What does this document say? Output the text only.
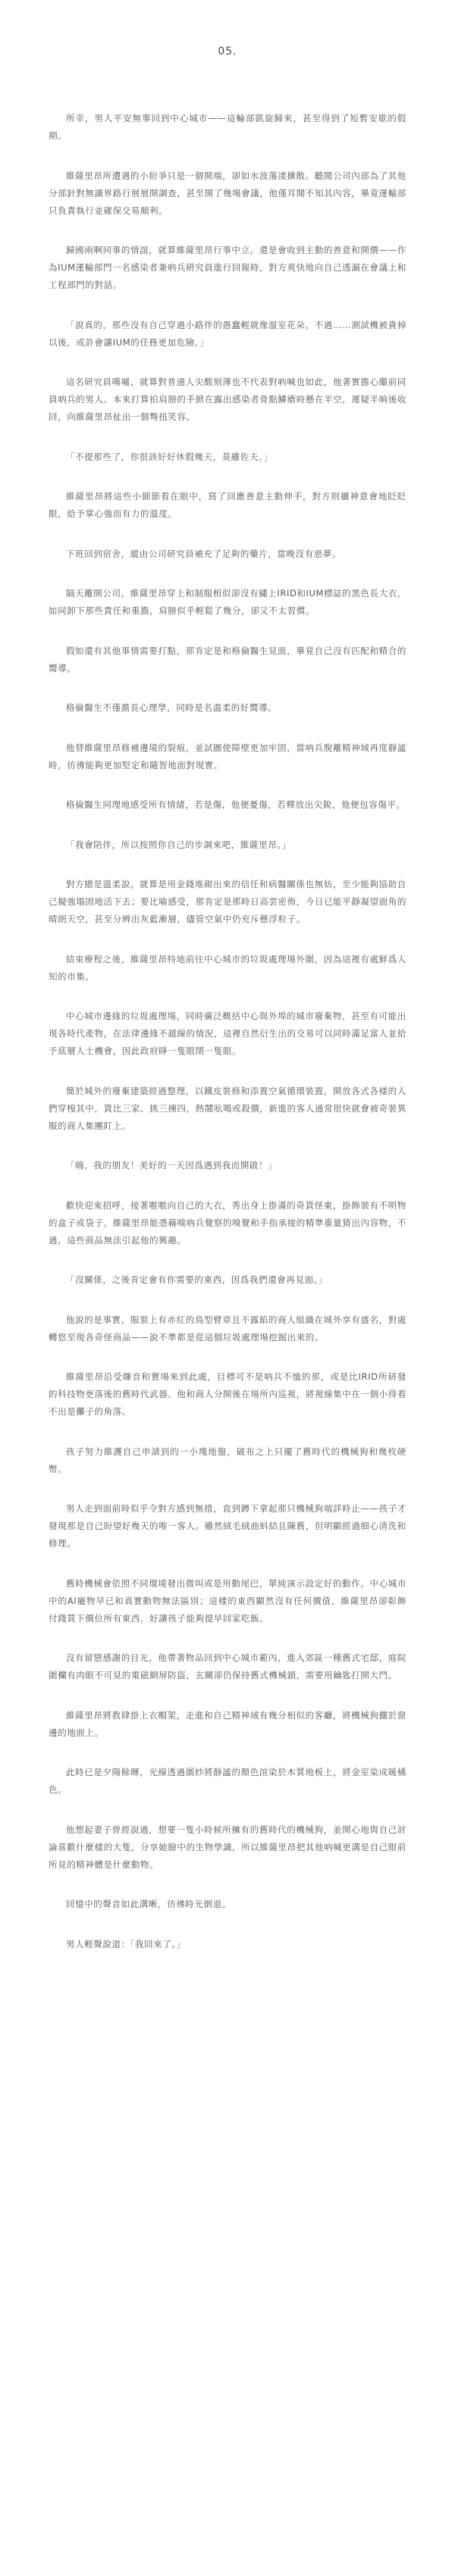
05.

所幸，男人平安無事回到中心城市——這輪部凱旋歸來，甚至得到了短暫安歇的假期。

維薩里昂所遭遇的小紛爭只是一個開端，卻如水波蕩漾擴散。聽聞公司內部為了其他分部針對無識界路行展展開調查，甚至開了幾場會議，他僅耳聞不知其內容，畢竟運輸部只負責執行並確保交易順利。

歸國兩啊同事的情誼，就算維薩里昂行事中立，還是會收到主動的善意和開價——作為IUM運輸部門一名感染者兼吶兵研究員進行回報時，對方爽快地向自己透漏在會議上和工程部門的對話。

「說真的，那些沒有自己穿過小路伴的愚蠢輕就像溫室花朵。不過……測試機被貴掉以後，或許會讓IUM的任務更加危險。」

這名研究員嘆噓，就算對普通人尖酸刻薄也不代表對吶喊也如此，他著實擔心繼前同員吶兵的男人。本來打算拍肩膀的手掀在露出感染者骨點鱗瘡時懸在半空，遲疑半晌後收回，向維薩里昂扯出一個彆扭笑容。

「不提那些了，你很該好好休假幾天，莫雖佐夫。」

維薩里昂將這些小細節看在眼中，寫了回應善意主動伸手，對方則攝神意會地眨眨眼，給予掌心強而有力的溫度。

下班回到宿舍，縱由公司研究員補充了足夠的藥片，當晚沒有惡夢。

隔天離開公司，維薩里昂穿上和制服相似卻沒有繡上IRID和IUM標誌的黑色長大衣，如同卸下那些責任和重擔，肩膀似乎輕鬆了幾分，卻又不太習慣。

假如還有其他事情需要打點，那肯定是和格倫醫生見面，畢竟自己沒有匹配和精合的嚮導。

格倫醫生不僅擔長心理學，同時是名溫柔的好嚮導。

他替維薩里昂修補邊境的裂痕，並試圖使障壁更加牢固，當吶兵脫離精神域再度靜謐時，彷彿能夠更加堅定和隨智地面對現實。

格倫醫生同理地感受所有情緒，若是傷，他便憂傷，若釋放出尖銳，他便包容傷平。

「我會陪伴，所以按照你自己的步調來吧，維薩里昂。」

對方總是溫柔說。就算是用金錢堆砌出來的信任和病醫關係也無妨，至少能夠協助自己擬強塌固地活下去；要比喻感受，那肯定是那時日高雲密佈，今日已能平靜凝望面角的晴朗天空，甚至分辨出灰藍漸層，儘管空氣中仍充斥懸浮粒子。

結束療程之後，維薩里昂特地前往中心城市的垃圾處理場外圍，因為這裡有處鮮爲人知的市集。

中心城市邊緣的垃圾處理場，同時廣泛概括中心與外埠的城市廢棄物，甚至有可能出現各時代產物，在法律邊緣不越線的情況，這裡自然衍生出的交易可以同時滿足富人並給予底層人士機會，因此政府睜一隻眼閉一隻眼。

簡於城外的廢棄建築經過整理，以鐵皮裝修和添置空氣循環裝置，開放各式各樣的人們穿梭其中，貨比三家、挑三揀四，熱鬧吆喝或殺價，新進的客人通常很快就會被奇裝異服的商人集團盯上。

「嗨，我的朋友！美好的一天因爲遇到我而開啟！」

歡快迎來招呼，接著嗷嗷向自己的大衣，秀出身上掛滿的奇貨怪東，掛飾裝有不明物的盒子或袋子。維薩里昂能憑藉嗅吶兵覺察的嗅覺和手指承接的精準重量猜出內容物，不過，這些商品無法引起他的興趣。

「沒關係，之後肯定會有你需要的東西，因爲我們還會再見面。」

他說的是事實，服裝上有赤紅的鳥型臂章且不露餡的商人組織在城外享有盛名，對處轉悠至現各奇怪商品——說不準都是從這個垃圾處理場挖掘出來的。

維薩里昂沿受嫌音和賣場來到此處，目標可不是吶兵不恤的那，或是比IRID所研發的科技物更落後的舊時代武器。他和商人分開後在場所內巡視，將視線集中在一個小得看不出是攤子的角落。

孩子努力維護自己申請到的一小塊地盤，破布之上只擺了舊時代的機械狗和幾枚硬幣。

男人走到面前時似乎令對方感到無措，直到蹲下拿起那只機械狗端詳時止——孩子才發現那是自己盼望好幾天的唯一客人。雖然絨毛絨曲蚪結且陳舊，但明顯經過細心清洗和修理。

舊時機械會依照不同環境發出微叫或是用動尾巴，單純演示設定好的動作。中心城市中的AI寵物早已和真實動物無法區別；這樣的東西顯然沒有任何價值，維薩里昂卻彰飾付錢買下價位所有東西，好讓孩子能夠提早回家吃飯。

沒有留戀感謝的目光，他帶著物品回到中心城市範內，進入郊區一種舊式宅邸，庭院圍欄有肉眼不可見的電磁網屏防盜，玄關卻仍保持舊式機械鎖，需要用鑰匙打開大門。

維薩里昂將教肆掛上衣帽架，走進和自己精神域有幾分相似的客廳，將機械狗擱於窗邊的地面上。

此時已是夕陽餘暉，光線透過圍紗將靜謐的顏色渲染於木質地板上，將金室染成暖橘色。

他想起妻子曾經說過，想要一隻小時候所擁有的舊時代的機械狗，並開心地與自己討論喜歡什麼樣的大隻，分享她臉中的生物學識，所以維薩里昂把其他吶喊更溝是自己眼前所見的精神體是什麼動物。

回憶中的聲音如此溝晰，彷彿時光倒退。

男人輕聲說道：「我回來了。」
